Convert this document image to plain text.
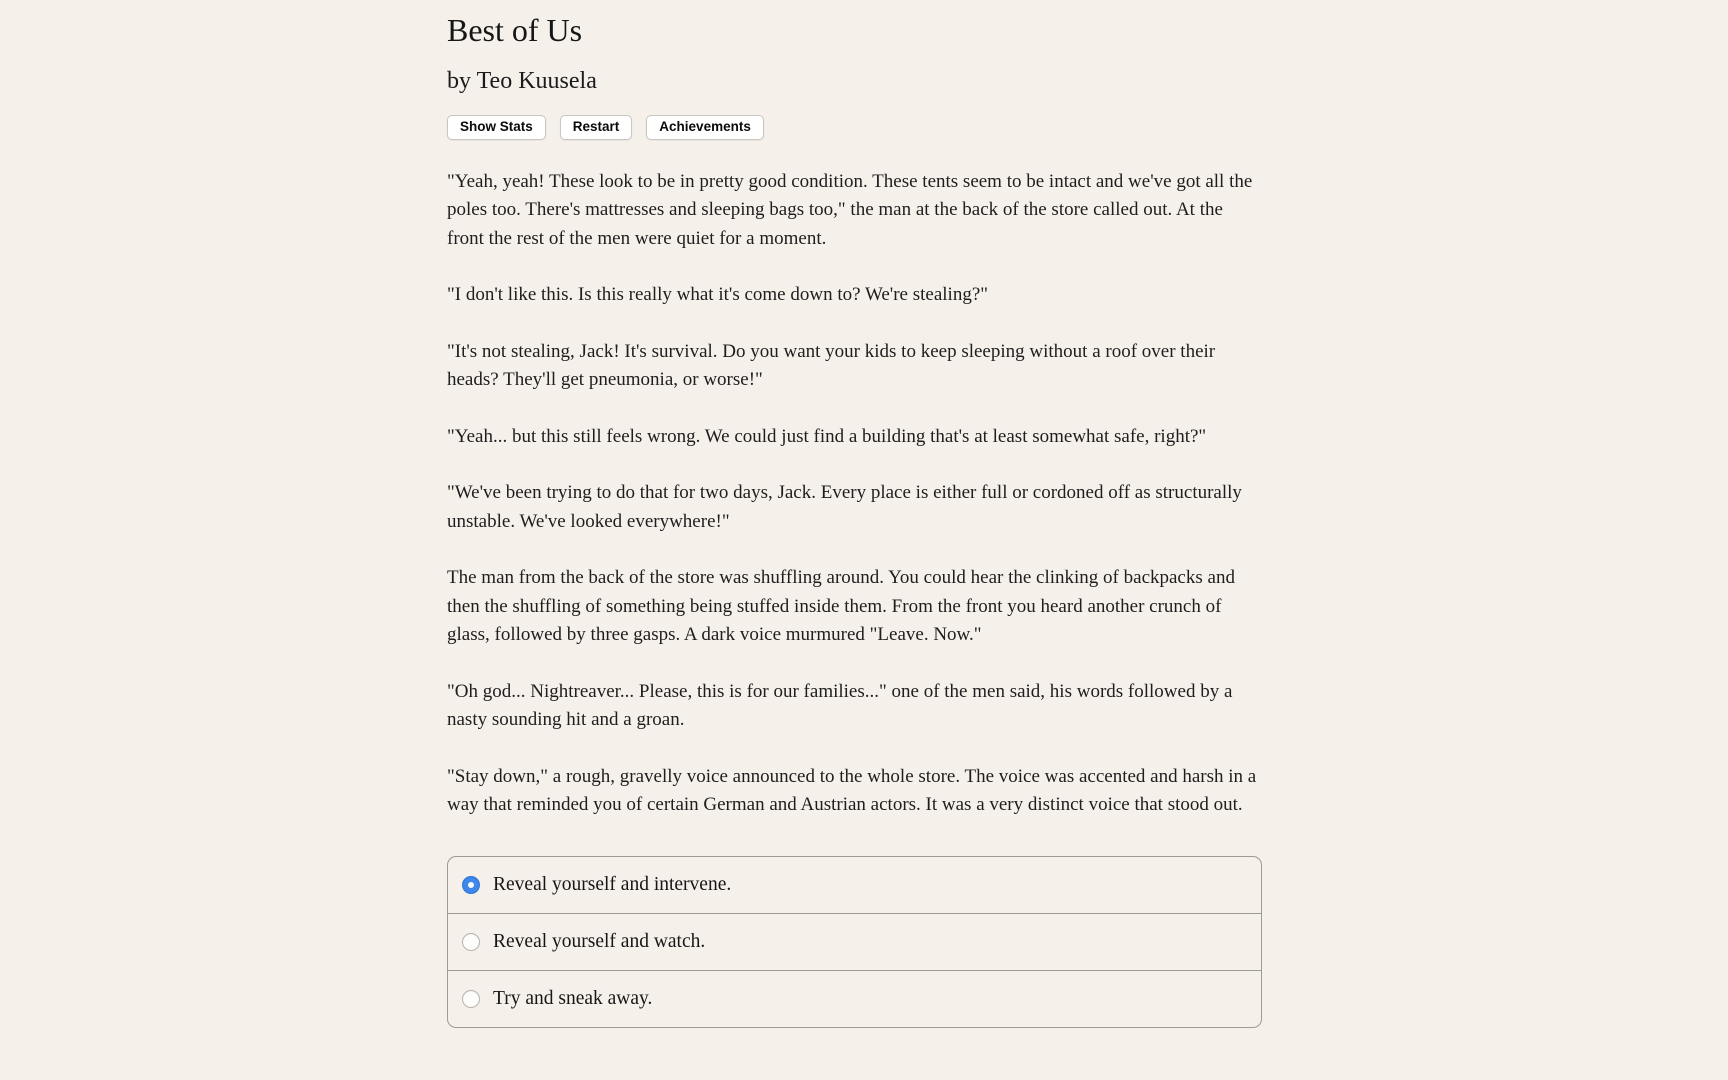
Best of Us
by Teo Kuusela
Show Stats	Restart	Achievements

"Yeah, yeah! These look to be in pretty good condition. These tents seem to be intact and we've got all the poles too. There's mattresses and sleeping bags too," the man at the back of the store called out. At the front the rest of the men were quiet for a moment.

"I don't like this. Is this really what it's come down to? We're stealing?"

"It's not stealing, Jack! It's survival. Do you want your kids to keep sleeping without a roof over their heads? They'll get pneumonia, or worse!"

"Yeah... but this still feels wrong. We could just find a building that's at least somewhat safe, right?"

"We've been trying to do that for two days, Jack. Every place is either full or cordoned off as structurally unstable. We've looked everywhere!"

The man from the back of the store was shuffling around. You could hear the clinking of backpacks and then the shuffling of something being stuffed inside them. From the front you heard another crunch of glass, followed by three gasps. A dark voice murmured "Leave. Now."

"Oh god... Nightreaver... Please, this is for our families..." one of the men said, his words followed by a nasty sounding hit and a groan.

"Stay down," a rough, gravelly voice announced to the whole store. The voice was accented and harsh in a way that reminded you of certain German and Austrian actors. It was a very distinct voice that stood out.

Reveal yourself and intervene.
Reveal yourself and watch.
Try and sneak away.
